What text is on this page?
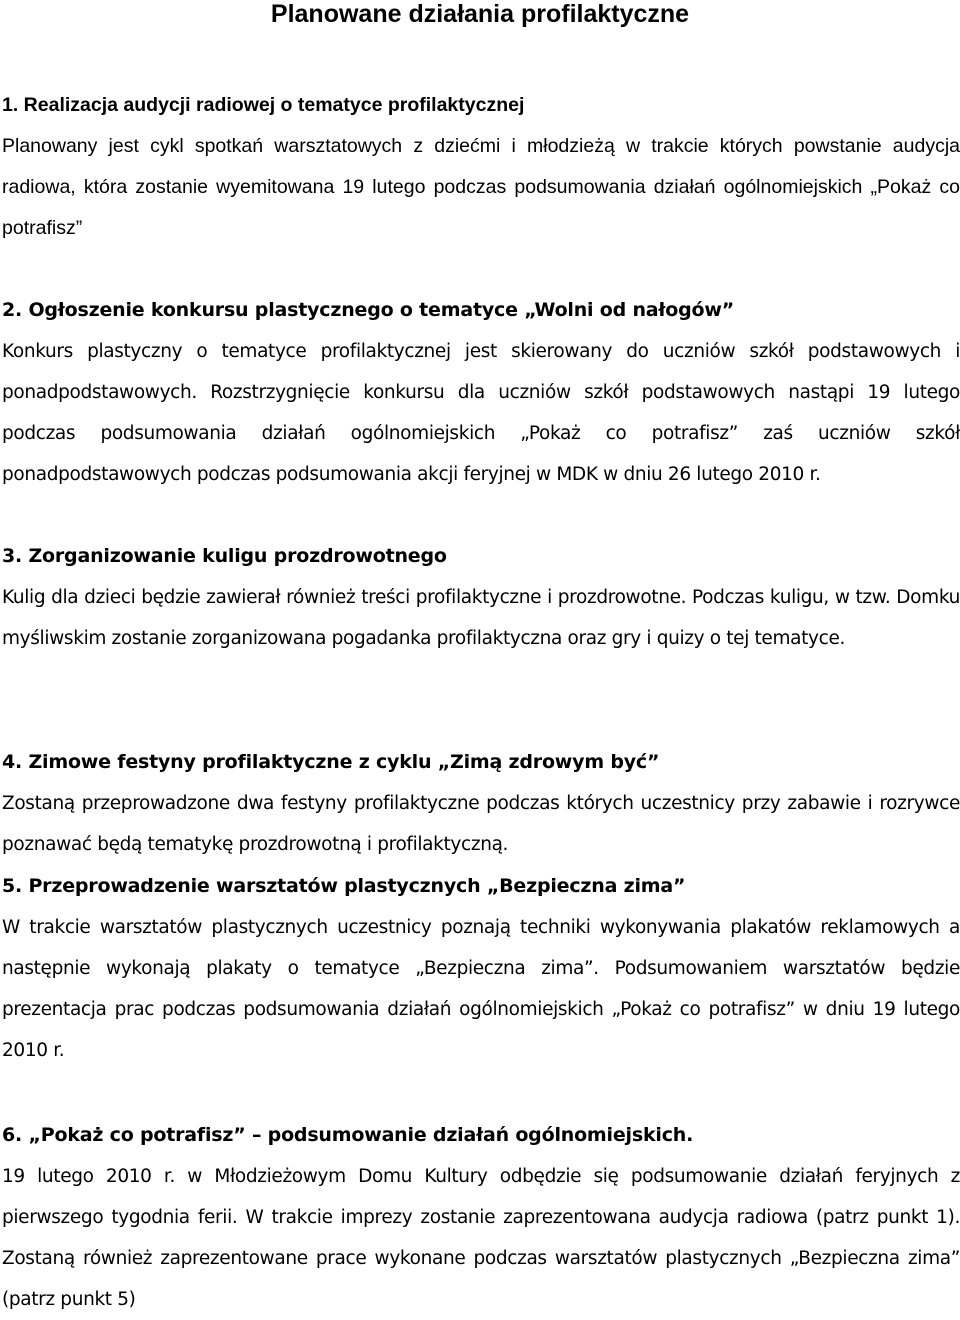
Planowane działania profilaktyczne

1. Realizacja audycji radiowej o tematyce profilaktycznej

Planowany jest cykl spotkań warsztatowych z dziećmi i młodzieżą w trakcie których powstanie audycja radiowa, która zostanie wyemitowana 19 lutego podczas podsumowania działań ogólnomiejskich „Pokaż co potrafisz”

2. Ogłoszenie konkursu plastycznego o tematyce „Wolni od nałogów”

Konkurs plastyczny o tematyce profilaktycznej jest skierowany do uczniów szkół podstawowych i ponadpodstawowych. Rozstrzygnięcie konkursu dla uczniów szkół podstawowych nastąpi 19 lutego podczas podsumowania działań ogólnomiejskich „Pokaż co potrafisz” zaś uczniów szkół ponadpodstawowych podczas podsumowania akcji feryjnej w MDK w dniu 26 lutego 2010 r.

3. Zorganizowanie kuligu prozdrowotnego

Kulig dla dzieci będzie zawierał również treści profilaktyczne i prozdrowotne. Podczas kuligu, w tzw. Domku myśliwskim zostanie zorganizowana pogadanka profilaktyczna oraz gry i quizy o tej tematyce.

4. Zimowe festyny profilaktyczne z cyklu „Zimą zdrowym być”

Zostaną przeprowadzone dwa festyny profilaktyczne podczas których uczestnicy przy zabawie i rozrywce poznawać będą tematykę prozdrowotną i profilaktyczną.

5. Przeprowadzenie warsztatów plastycznych „Bezpieczna zima”

W trakcie warsztatów plastycznych uczestnicy poznają techniki wykonywania plakatów reklamowych a następnie wykonają plakaty o tematyce „Bezpieczna zima”. Podsumowaniem warsztatów będzie prezentacja prac podczas podsumowania działań ogólnomiejskich „Pokaż co potrafisz” w dniu 19 lutego 2010 r.

6. „Pokaż co potrafisz” – podsumowanie działań ogólnomiejskich.

19 lutego 2010 r. w Młodzieżowym Domu Kultury odbędzie się podsumowanie działań feryjnych z pierwszego tygodnia ferii. W trakcie imprezy zostanie zaprezentowana audycja radiowa (patrz punkt 1). Zostaną również zaprezentowane prace wykonane podczas warsztatów plastycznych „Bezpieczna zima” (patrz punkt 5)
